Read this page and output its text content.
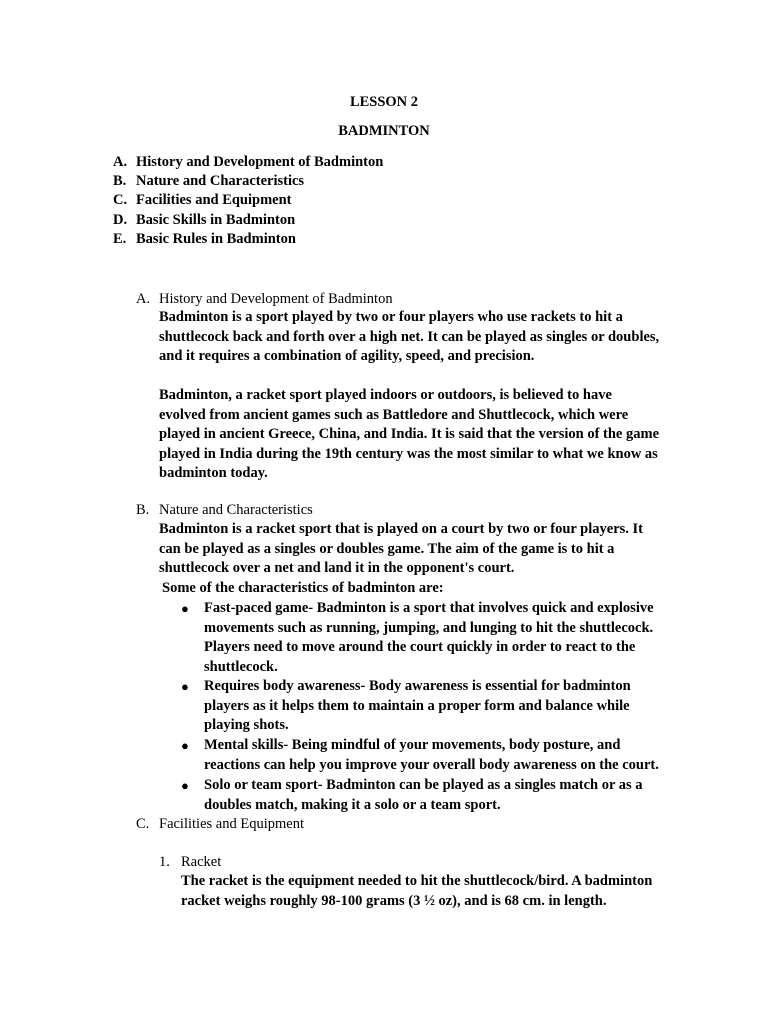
LESSON 2
BADMINTON
A. History and Development of Badminton
B. Nature and Characteristics
C. Facilities and Equipment
D. Basic Skills in Badminton
E. Basic Rules in Badminton
A. History and Development of Badminton
Badminton is a sport played by two or four players who use rackets to hit a
shuttlecock back and forth over a high net. It can be played as singles or doubles,
and it requires a combination of agility, speed, and precision.
Badminton, a racket sport played indoors or outdoors, is believed to have
evolved from ancient games such as Battledore and Shuttlecock, which were
played in ancient Greece, China, and India. It is said that the version of the game
played in India during the 19th century was the most similar to what we know as
badminton today.
B. Nature and Characteristics
Badminton is a racket sport that is played on a court by two or four players. It
can be played as a singles or doubles game. The aim of the game is to hit a
shuttlecock over a net and land it in the opponent's court.
Some of the characteristics of badminton are:
● Fast-paced game- Badminton is a sport that involves quick and explosive
movements such as running, jumping, and lunging to hit the shuttlecock.
Players need to move around the court quickly in order to react to the
shuttlecock.
● Requires body awareness- Body awareness is essential for badminton
players as it helps them to maintain a proper form and balance while
playing shots.
● Mental skills- Being mindful of your movements, body posture, and
reactions can help you improve your overall body awareness on the court.
● Solo or team sport- Badminton can be played as a singles match or as a
doubles match, making it a solo or a team sport.
C. Facilities and Equipment
1. Racket
The racket is the equipment needed to hit the shuttlecock/bird. A badminton
racket weighs roughly 98-100 grams (3 ½ oz), and is 68 cm. in length.
